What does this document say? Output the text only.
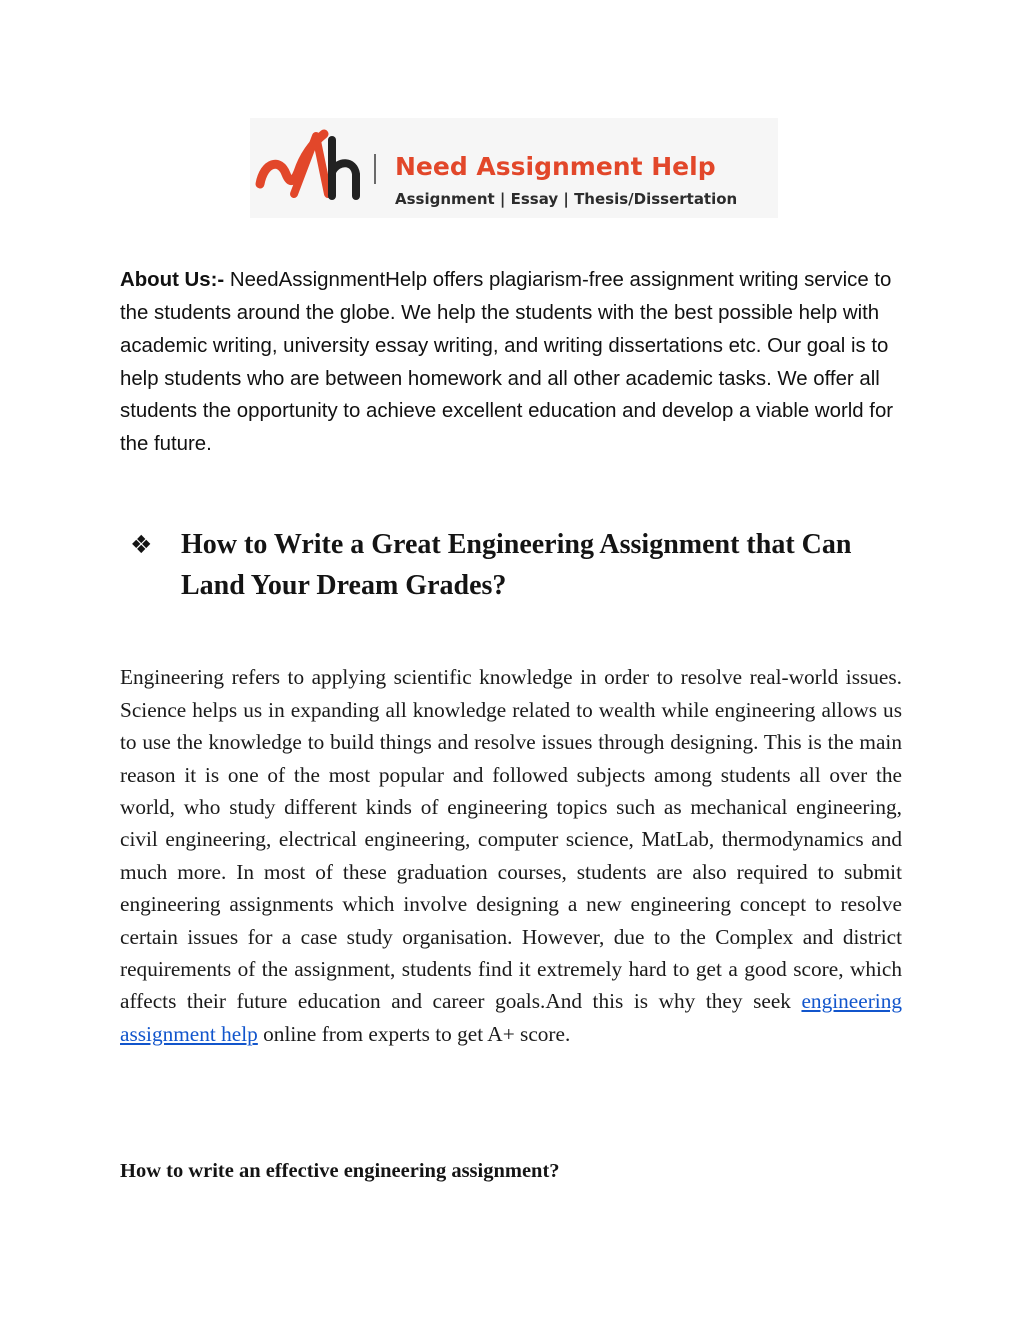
Need Assignment Help
Assignment | Essay | Thesis/Dissertation

About Us:- NeedAssignmentHelp offers plagiarism-free assignment writing service to the students around the globe. We help the students with the best possible help with academic writing, university essay writing, and writing dissertations etc. Our goal is to help students who are between homework and all other academic tasks. We offer all students the opportunity to achieve excellent education and develop a viable world for the future.

❖ How to Write a Great Engineering Assignment that Can Land Your Dream Grades?

Engineering refers to applying scientific knowledge in order to resolve real-world issues. Science helps us in expanding all knowledge related to wealth while engineering allows us to use the knowledge to build things and resolve issues through designing. This is the main reason it is one of the most popular and followed subjects among students all over the world, who study different kinds of engineering topics such as mechanical engineering, civil engineering, electrical engineering, computer science, MatLab, thermodynamics and much more. In most of these graduation courses, students are also required to submit engineering assignments which involve designing a new engineering concept to resolve certain issues for a case study organisation. However, due to the Complex and district requirements of the assignment, students find it extremely hard to get a good score, which affects their future education and career goals.And this is why they seek engineering assignment help online from experts to get A+ score.

How to write an effective engineering assignment?
